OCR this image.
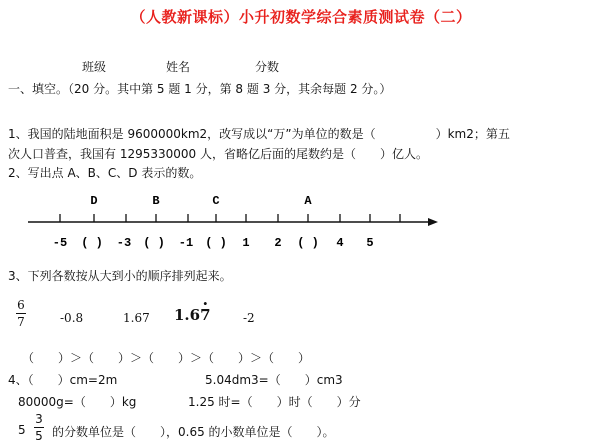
（人教新课标）小升初数学综合素质测试卷（二）
班级	姓名	分数
一、填空。（20 分。其中第 5 题 1 分，第 8 题 3 分，其余每题 2 分。）
1、我国的陆地面积是 9600000km2，改写成以“万”为单位的数是（　　　　　）km2；第五
次人口普查，我国有 1295330000 人，省略亿后面的尾数约是（　　）亿人。
2、写出点 A、B、C、D 表示的数。
D	B	C	A
-5 ( ) -3 ( ) -1 ( ) 1 2 ( ) 4 5
3、下列各数按从大到小的顺序排列起来。
6
7	-0.8	1.67 1.6· 7	-2
（　　）＞（　　）＞（　　）＞（　　）＞（　　）
4、（　　）cm=2m	5.04dm3=（　　）cm3
80000g=（　　）kg	1.25 时=（　　）时（　　）分
5
3
5 的分数单位是（　　），0.65 的小数单位是（　　）。
